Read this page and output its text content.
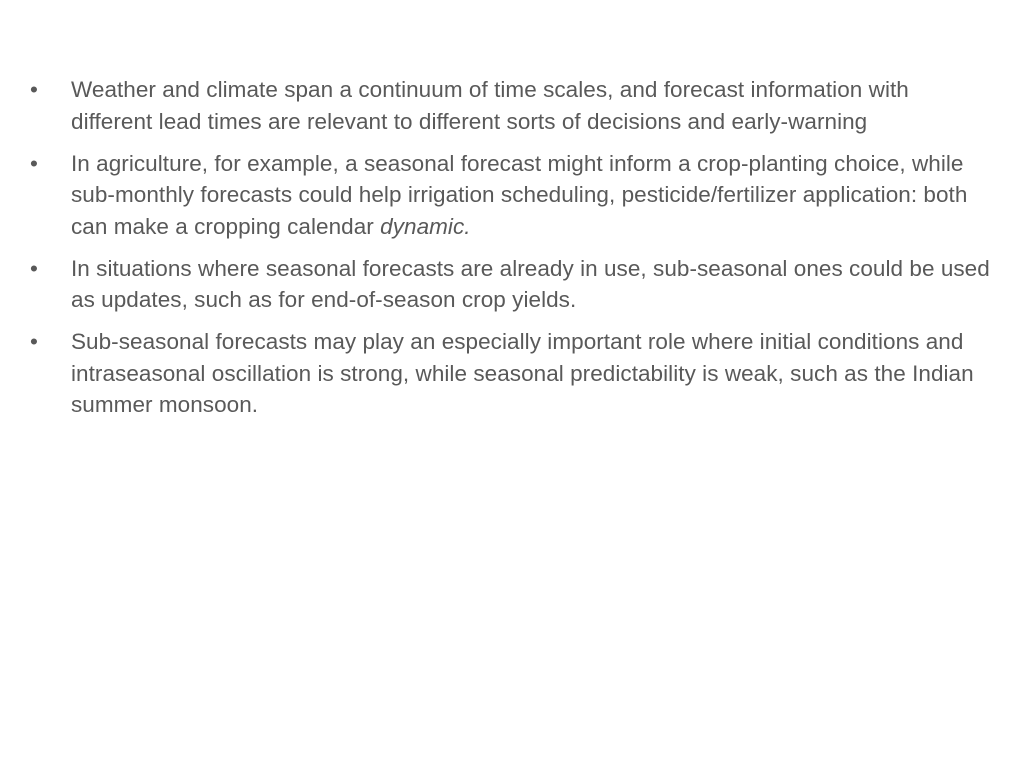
•	Weather and climate span a continuum of time scales, and forecast information with different lead times are relevant to different sorts of decisions and early-warning
•	In agriculture, for example, a seasonal forecast might inform a crop-planting choice, while sub-monthly forecasts could help irrigation scheduling, pesticide/fertilizer application: both can make a cropping calendar dynamic.
•	In situations where seasonal forecasts are already in use, sub-seasonal ones could be used as updates, such as for end-of-season crop yields.
•	Sub-seasonal forecasts may play an especially important role where initial conditions and intraseasonal oscillation is strong, while seasonal predictability is weak, such as the Indian summer monsoon.
